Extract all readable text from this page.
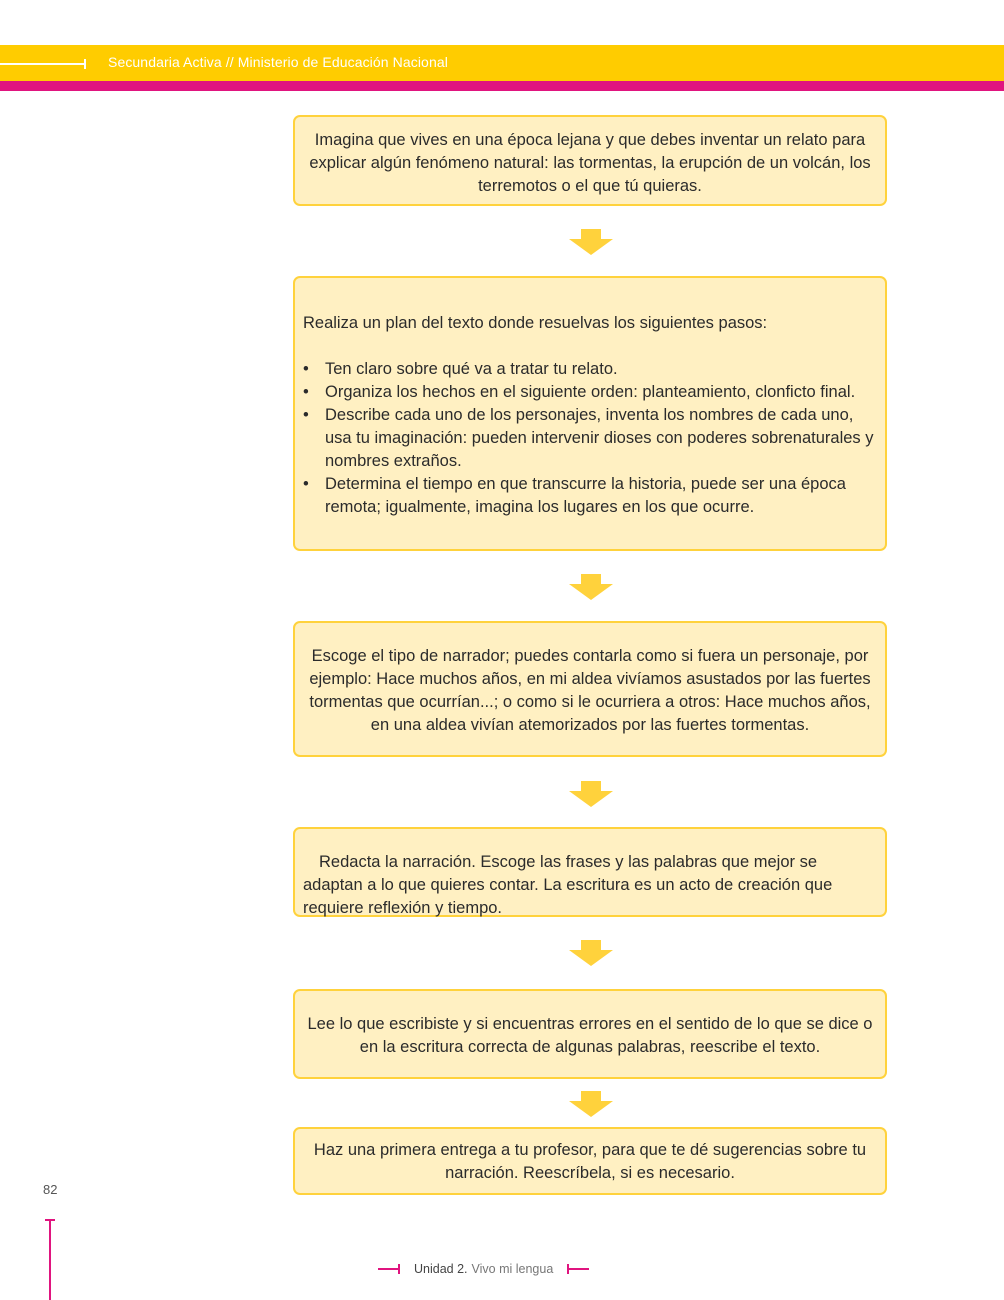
Secundaria Activa // Ministerio de Educación Nacional

Imagina que vives en una época lejana y que debes inventar un relato para explicar algún fenómeno natural: las tormentas, la erupción de un volcán, los terremotos o el que tú quieras.

Realiza un plan del texto donde resuelvas los siguientes pasos:

• Ten claro sobre qué va a tratar tu relato.
• Organiza los hechos en el siguiente orden: planteamiento, clonficto final.
• Describe cada uno de los personajes, inventa los nombres de cada uno, usa tu imaginación: pueden intervenir dioses con poderes sobrenaturales y nombres extraños.
• Determina el tiempo en que transcurre la historia, puede ser una época remota; igualmente, imagina los lugares en los que ocurre.

Escoge el tipo de narrador; puedes contarla como si fuera un personaje, por ejemplo: Hace muchos años, en mi aldea vivíamos asustados por las fuertes tormentas que ocurrían...; o como si le ocurriera a otros: Hace muchos años, en una aldea vivían atemorizados por las fuertes tormentas.

Redacta la narración. Escoge las frases y las palabras que mejor se adaptan a lo que quieres contar. La escritura es un acto de creación que requiere reflexión y tiempo.

Lee lo que escribiste y si encuentras errores en el sentido de lo que se dice o en la escritura correcta de algunas palabras, reescribe el texto.

Haz una primera entrega a tu profesor, para que te dé sugerencias sobre tu narración. Reescríbela, si es necesario.

82
Unidad 2. Vivo mi lengua
